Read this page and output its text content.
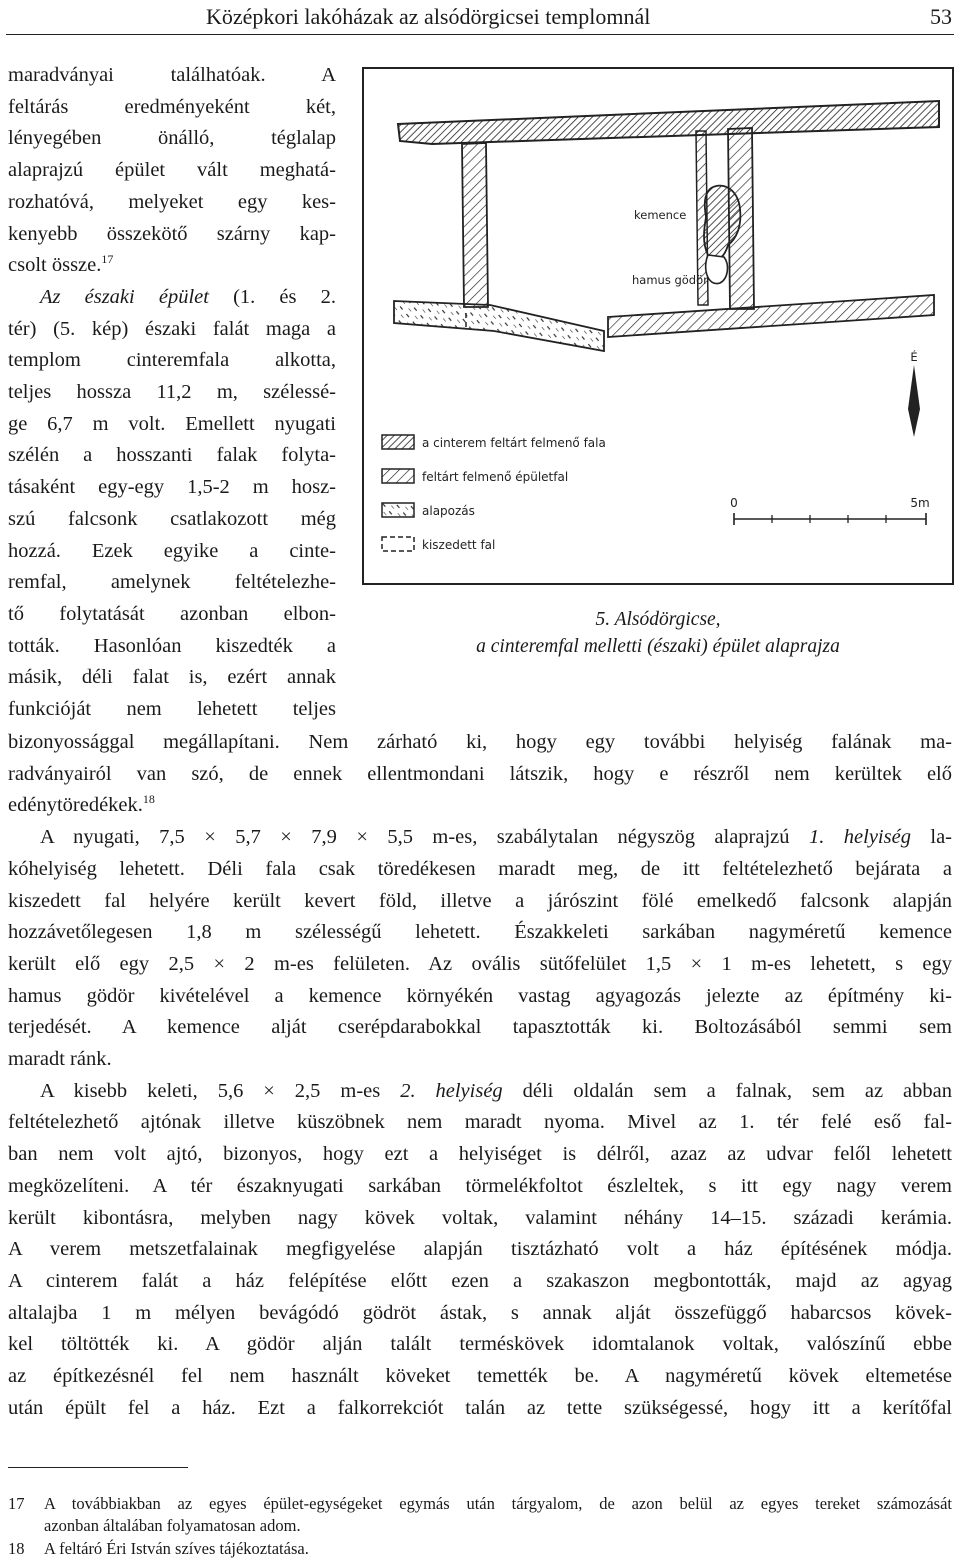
Középkori lakóházak az alsódörgicsei templomnál	53
maradványai találhatóak. A
feltárás eredményeként két,
lényegében önálló, téglalap
alaprajzú épület vált meghatá-
rozhatóvá, melyeket egy kes-
kenyebb összekötő szárny kap-
csolt össze.$^{17}$
Az északi épület (1. és 2.
tér) (5. kép) északi falát maga a
templom cinteremfala alkotta,
teljes hossza 11,2 m, szélessé-
ge 6,7 m volt. Emellett nyugati
szélén a hosszanti falak folyta-
tásaként egy-egy 1,5-2 m hosz-
szú falcsonk csatlakozott még
hozzá. Ezek egyike a cinte-
remfal, amelynek feltételezhe-
tő folytatását azonban elbon-
tották. Hasonlóan kiszedték a
másik, déli falat is, ezért annak
funkcióját nem lehetett teljes
kemence
hamus gödör
É
a cinterem feltárt felmenő fala
feltárt felmenő épületfal
alapozás
kiszedett fal
0	5m
5. Alsódörgicse,
a cinteremfal melletti (északi) épület alaprajza
bizonyossággal megállapítani. Nem zárható ki, hogy egy további helyiség falának ma-
radványairól van szó, de ennek ellentmondani látszik, hogy e részről nem kerültek elő
edénytöredékek.$^{18}$
A nyugati, 7,5 × 5,7 × 7,9 × 5,5 m-es, szabálytalan négyszög alaprajzú 1. helyiség la-
kóhelyiség lehetett. Déli fala csak töredékesen maradt meg, de itt feltételezhető bejárata a
kiszedett fal helyére került kevert föld, illetve a járószint fölé emelkedő falcsonk alapján
hozzávetőlegesen 1,8 m szélességű lehetett. Északkeleti sarkában nagyméretű kemence
került elő egy 2,5 × 2 m-es felületen. Az ovális sütőfelület 1,5 × 1 m-es lehetett, s egy
hamus gödör kivételével a kemence környékén vastag agyagozás jelezte az építmény ki-
terjedését. A kemence alját cserépdarabokkal tapasztották ki. Boltozásából semmi sem
maradt ránk.
A kisebb keleti, 5,6 × 2,5 m-es 2. helyiség déli oldalán sem a falnak, sem az abban
feltételezhető ajtónak illetve küszöbnek nem maradt nyoma. Mivel az 1. tér felé eső fal-
ban nem volt ajtó, bizonyos, hogy ezt a helyiséget is délről, azaz az udvar felől lehetett
megközelíteni. A tér északnyugati sarkában törmelékfoltot észleltek, s itt egy nagy verem
került kibontásra, melyben nagy kövek voltak, valamint néhány 14–15. századi kerámia.
A verem metszetfalainak megfigyelése alapján tisztázható volt a ház építésének módja.
A cinterem falát a ház felépítése előtt ezen a szakaszon megbontották, majd az agyag
altalajba 1 m mélyen bevágódó gödröt ástak, s annak alját összefüggő habarcsos kövek-
kel töltötték ki. A gödör alján talált terméskövek idomtalanok voltak, valószínű ebbe
az építkezésnél fel nem használt köveket temették be. A nagyméretű kövek eltemetése
után épült fel a ház. Ezt a falkorrekciót talán az tette szükségessé, hogy itt a kerítőfal
17 A továbbiakban az egyes épület-egységeket egymás után tárgyalom, de azon belül az egyes tereket számozását
azonban általában folyamatosan adom.
18 A feltáró Éri István szíves tájékoztatása.
